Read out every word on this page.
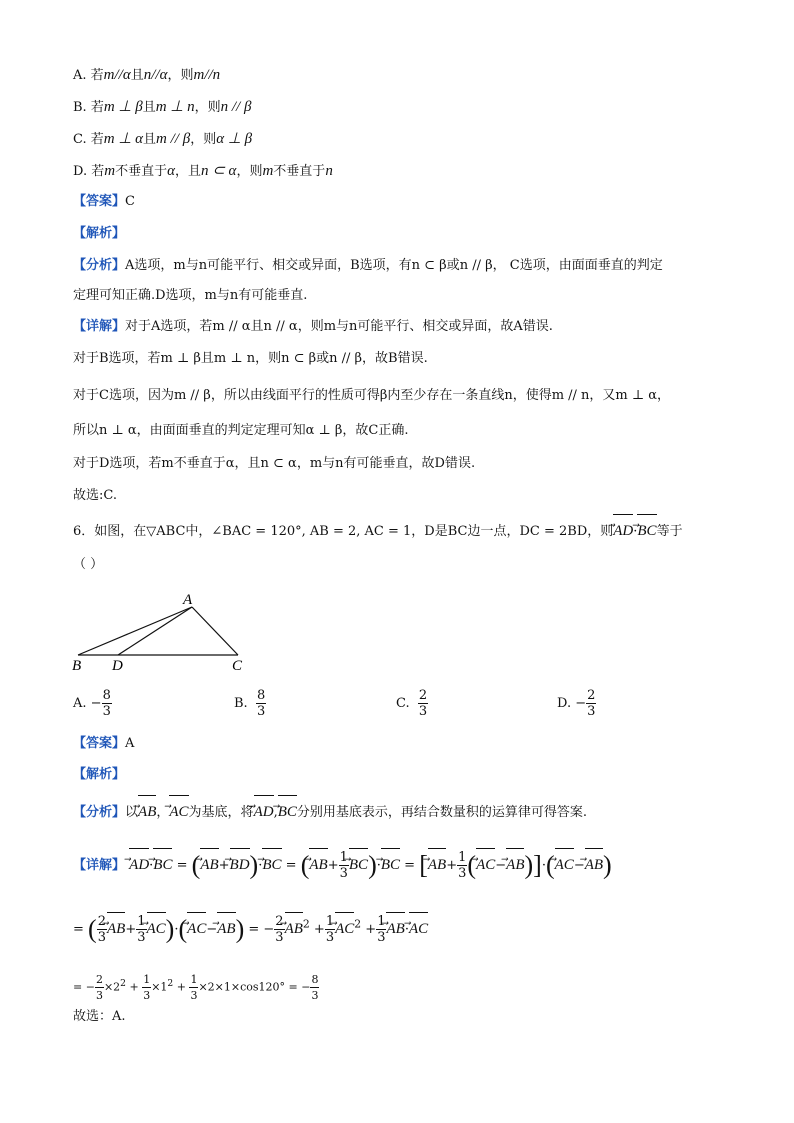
A. 若m//α且n//α，则m//n
B. 若m ⊥ β且m ⊥ n，则n // β
C. 若m ⊥ α且m // β，则α ⊥ β
D. 若m不垂直于α，且n ⊂ α，则m不垂直于n
【答案】C
【解析】
【分析】A选项，m与n可能平行、相交或异面，B选项，有n ⊂ β或n // β， C选项，由面面垂直的判定
定理可知正确.D选项，m与n有可能垂直.
【详解】对于A选项，若m // α且n // α，则m与n可能平行、相交或异面，故A错误.
对于B选项，若m ⊥ β且m ⊥ n，则n ⊂ β或n // β，故B错误.
对于C选项，因为m // β，所以由线面平行的性质可得β内至少存在一条直线n，使得m // n，又m ⊥ α，
所以n ⊥ α，由面面垂直的判定定理可知α ⊥ β，故C正确.
对于D选项，若m不垂直于α，且n ⊂ α，m与n有可能垂直，故D错误.
故选:C.
6．如图，在▽ABC中，∠BAC = 120°, AB = 2, AC = 1，D是BC边一点，DC = 2BD，则
⃗ AD·
⃗ BC等于
（ ）
A
B D	C
A. − $\frac{8}{3}$	B. $\frac{8}{3}$	C. $\frac{2}{3}$	D. − $\frac{2}{3}$
【答案】A
【解析】
【分析】以
⃗ AB，
⃗ AC为基底，将
⃗ AD,
⃗ BC分别用基底表示，再结合数量积的运算律可得答案.
【详解】 ⃗ AD·
⃗ BC = (
⃗ AB+
⃗ BD)·
⃗ BC = (
⃗ $AB+ \frac{1}{3}$ ⃗ BC)·
⃗ BC = [
⃗ $AB+ \frac{1}{3}$ (
⃗ AC−
⃗ AB)]·(
⃗ AC−
⃗ AB)
= ( $\frac{2}{3}$ ⃗ $AB+ \frac{1}{3}$ ⃗ AC)·(
⃗ AC−
⃗ AB) = − $\frac{2}{3}$ ⃗ $AB^2 + \frac{1}{3}$ ⃗ $AC^2 + \frac{1}{3}$ ⃗ AB·
⃗ AC
= − $\frac{2}{3} \times 2^2 + \frac{1}{3} \times 1^2 + \frac{1}{3} \times 2\times 1\times\cos 120^\circ$ = − $\frac{8}{3}$
故选：A.
